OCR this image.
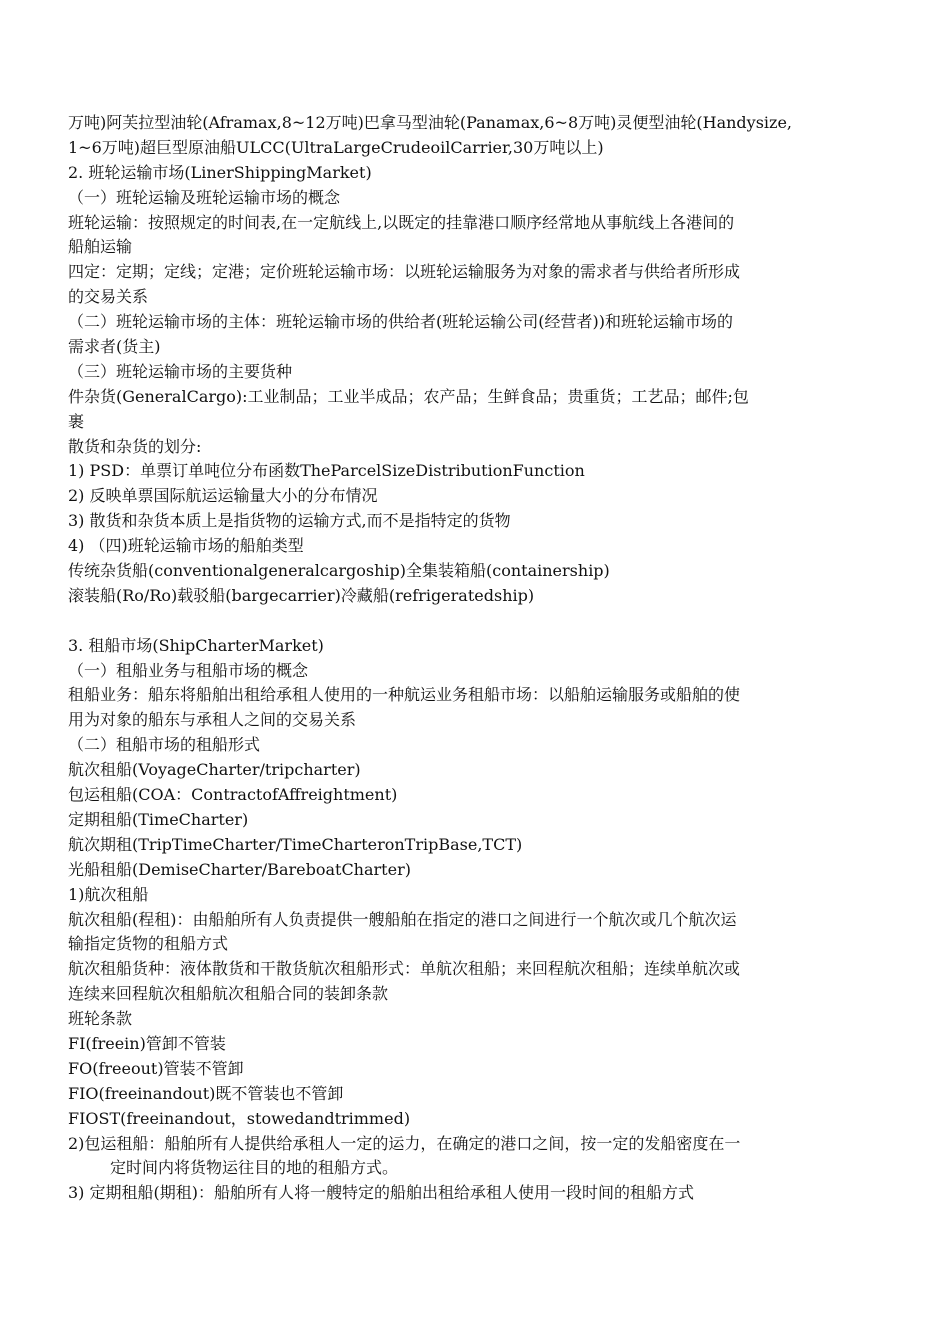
万吨)阿芙拉型油轮(Aframax,8~12万吨)巴拿马型油轮(Panamax,6~8万吨)灵便型油轮(Handysize,
1~6万吨)超巨型原油船ULCC(UltraLargeCrudeoilCarrier,30万吨以上)
2. 班轮运输市场(LinerShippingMarket)
（一）班轮运输及班轮运输市场的概念
班轮运输：按照规定的时间表,在一定航线上,以既定的挂靠港口顺序经常地从事航线上各港间的
船舶运输
四定：定期；定线；定港；定价班轮运输市场：以班轮运输服务为对象的需求者与供给者所形成
的交易关系
（二）班轮运输市场的主体：班轮运输市场的供给者(班轮运输公司(经营者))和班轮运输市场的
需求者(货主)
（三）班轮运输市场的主要货种
件杂货(GeneralCargo):工业制品；工业半成品；农产品；生鲜食品；贵重货；工艺品；邮件;包
裹
散货和杂货的划分:
1) PSD：单票订单吨位分布函数TheParcelSizeDistributionFunction
2) 反映单票国际航运运输量大小的分布情况
3) 散货和杂货本质上是指货物的运输方式,而不是指特定的货物
4) （四)班轮运输市场的船舶类型
传统杂货船(conventionalgeneralcargoship)全集装箱船(containership)
滚装船(Ro/Ro)载驳船(bargecarrier)冷藏船(refrigeratedship)
3. 租船市场(ShipCharterMarket)
（一）租船业务与租船市场的概念
租船业务：船东将船舶出租给承租人使用的一种航运业务租船市场：以船舶运输服务或船舶的使
用为对象的船东与承租人之间的交易关系
（二）租船市场的租船形式
航次租船(VoyageCharter/tripcharter)
包运租船(COA：ContractofAffreightment)
定期租船(TimeCharter)
航次期租(TripTimeCharter/TimeCharteronTripBase,TCT)
光船租船(DemiseCharter/BareboatCharter)
1)航次租船
航次租船(程租)：由船舶所有人负责提供一艘船舶在指定的港口之间进行一个航次或几个航次运
输指定货物的租船方式
航次租船货种：液体散货和干散货航次租船形式：单航次租船；来回程航次租船；连续单航次或
连续来回程航次租船航次租船合同的装卸条款
班轮条款
FI(freein)管卸不管装
FO(freeout)管装不管卸
FIO(freeinandout)既不管装也不管卸
FIOST(freeinandout，stowedandtrimmed)
2)包运租船：船舶所有人提供给承租人一定的运力，在确定的港口之间，按一定的发船密度在一
定时间内将货物运往目的地的租船方式。
3) 定期租船(期租)：船舶所有人将一艘特定的船舶出租给承租人使用一段时间的租船方式
